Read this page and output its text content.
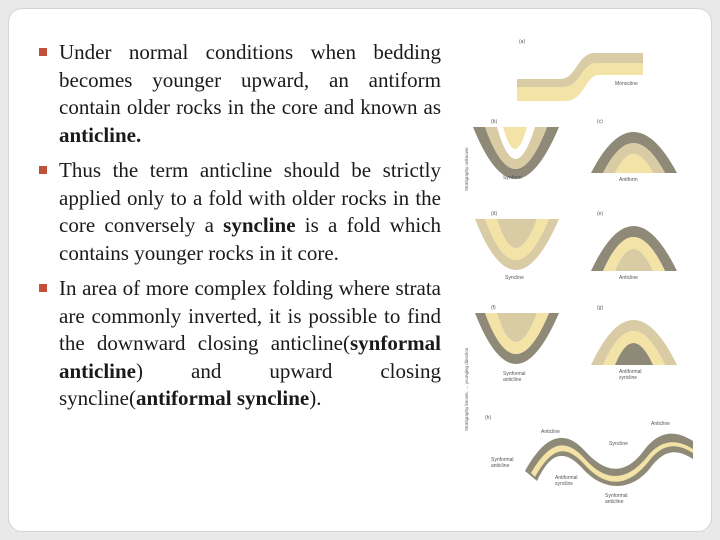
Under normal conditions when bedding becomes younger upward, an antiform contain older rocks in the core and known as anticline.

Thus the term anticline should be strictly applied only to a fold with older rocks in the core conversely a syncline is a fold which contains younger rocks in it core.

In area of more complex folding where strata are commonly inverted, it is possible to find the downward closing anticline(synformal anticline) and upward closing syncline(antiformal syncline).

(a)
Monocline
Stratigraphy unknown
Stratigraphy known, → younging direction
(b)
Synform
(c)
Antiform
(d)
Syncline
(e)
Anticline
(f)
Synformal
anticline
(g)
Antiformal
syncline
(h)
Anticline
Anticline
Syncline
Synformal
anticline
Antiformal
syncline
Synformal
anticline
